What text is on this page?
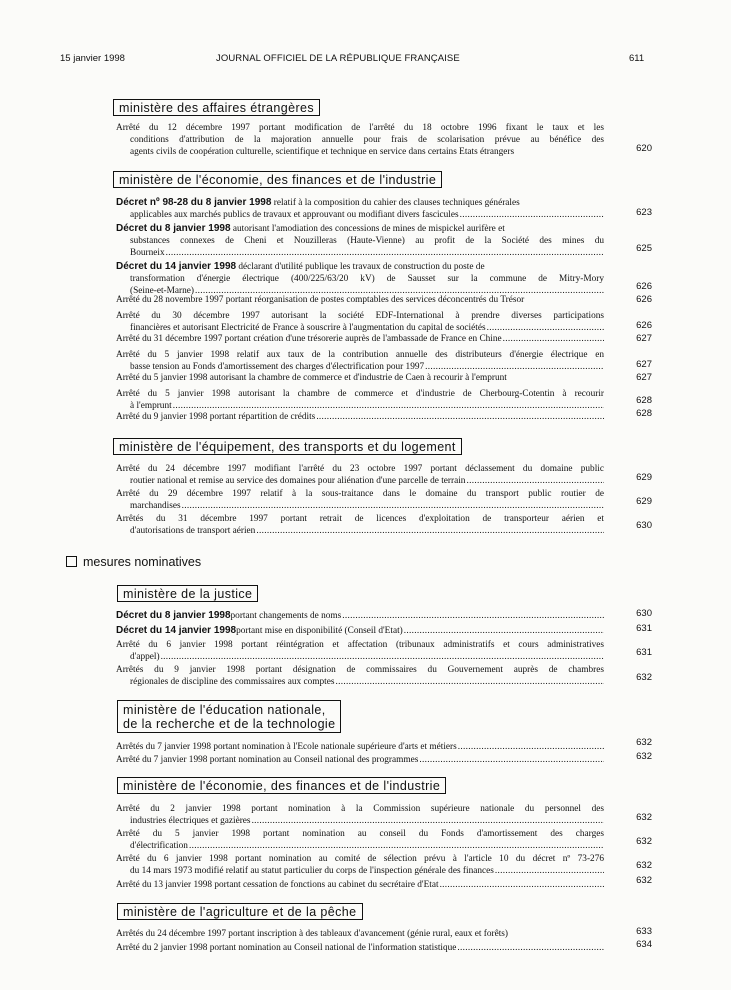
15 janvier 1998	JOURNAL OFFICIEL DE LA RÉPUBLIQUE FRANÇAISE	611
ministère des affaires étrangères
Arrêté du 12 décembre 1997 portant modification de l'arrêté du 18 octobre 1996 fixant le taux et les
conditions d'attribution de la majoration annuelle pour frais de scolarisation prévue au bénéfice des
agents civils de coopération culturelle, scientifique et technique en service dans certains Etats étrangers	620
ministère de l'économie, des finances et de l'industrie
Décret nº 98-28 du 8 janvier 1998 relatif à la composition du cahier des clauses techniques générales
applicables aux marchés publics de travaux et approuvant ou modifiant divers fascicules .....	623
Décret du 8 janvier 1998 autorisant l'amodiation des concessions de mines de mispickel aurifère et
substances connexes de Cheni et Nouzilleras (Haute-Vienne) au profit de la Société des mines du
Bourneix .....	625
Décret du 14 janvier 1998 déclarant d'utilité publique les travaux de construction du poste de
transformation d'énergie électrique (400/225/63/20 kV) de Sausset sur la commune de Mitry-Mory
(Seine-et-Marne) .....	626
Arrêté du 28 novembre 1997 portant réorganisation de postes comptables des services déconcentrés du Trésor	626
Arrêté du 30 décembre 1997 autorisant la société EDF-International à prendre diverses participations
financières et autorisant Electricité de France à souscrire à l'augmentation du capital de sociétés .....	626
Arrêté du 31 décembre 1997 portant création d'une trésorerie auprès de l'ambassade de France en Chine .....	627
Arrêté du 5 janvier 1998 relatif aux taux de la contribution annuelle des distributeurs d'énergie électrique en
basse tension au Fonds d'amortissement des charges d'électrification pour 1997 .....	627
Arrêté du 5 janvier 1998 autorisant la chambre de commerce et d'industrie de Caen à recourir à l'emprunt	627
Arrêté du 5 janvier 1998 autorisant la chambre de commerce et d'industrie de Cherbourg-Cotentin à recourir
à l'emprunt .....	628
Arrêté du 9 janvier 1998 portant répartition de crédits .....	628
ministère de l'équipement, des transports et du logement
Arrêté du 24 décembre 1997 modifiant l'arrêté du 23 octobre 1997 portant déclassement du domaine public
routier national et remise au service des domaines pour aliénation d'une parcelle de terrain .....	629
Arrêté du 29 décembre 1997 relatif à la sous-traitance dans le domaine du transport public routier de
marchandises .....	629
Arrêtés du 31 décembre 1997 portant retrait de licences d'exploitation de transporteur aérien et
d'autorisations de transport aérien .....	630
mesures nominatives
ministère de la justice
Décret du 8 janvier 1998 portant changements de noms .....	630
Décret du 14 janvier 1998 portant mise en disponibilité (Conseil d'Etat) .....	631
Arrêté du 6 janvier 1998 portant réintégration et affectation (tribunaux administratifs et cours administratives
d'appel) .....	631
Arrêtés du 9 janvier 1998 portant désignation de commissaires du Gouvernement auprès de chambres
régionales de discipline des commissaires aux comptes .....	632
ministère de l'éducation nationale,
de la recherche et de la technologie
Arrêtés du 7 janvier 1998 portant nomination à l'Ecole nationale supérieure d'arts et métiers .....	632
Arrêté du 7 janvier 1998 portant nomination au Conseil national des programmes .....	632
ministère de l'économie, des finances et de l'industrie
Arrêté du 2 janvier 1998 portant nomination à la Commission supérieure nationale du personnel des
industries électriques et gazières .....	632
Arrêté du 5 janvier 1998 portant nomination au conseil du Fonds d'amortissement des charges
d'électrification .....	632
Arrêté du 6 janvier 1998 portant nomination au comité de sélection prévu à l'article 10 du décret nº 73-276
du 14 mars 1973 modifié relatif au statut particulier du corps de l'inspection générale des finances .....	632
Arrêté du 13 janvier 1998 portant cessation de fonctions au cabinet du secrétaire d'Etat .....	632
ministère de l'agriculture et de la pêche
Arrêtés du 24 décembre 1997 portant inscription à des tableaux d'avancement (génie rural, eaux et forêts)	633
Arrêté du 2 janvier 1998 portant nomination au Conseil national de l'information statistique .....	634
